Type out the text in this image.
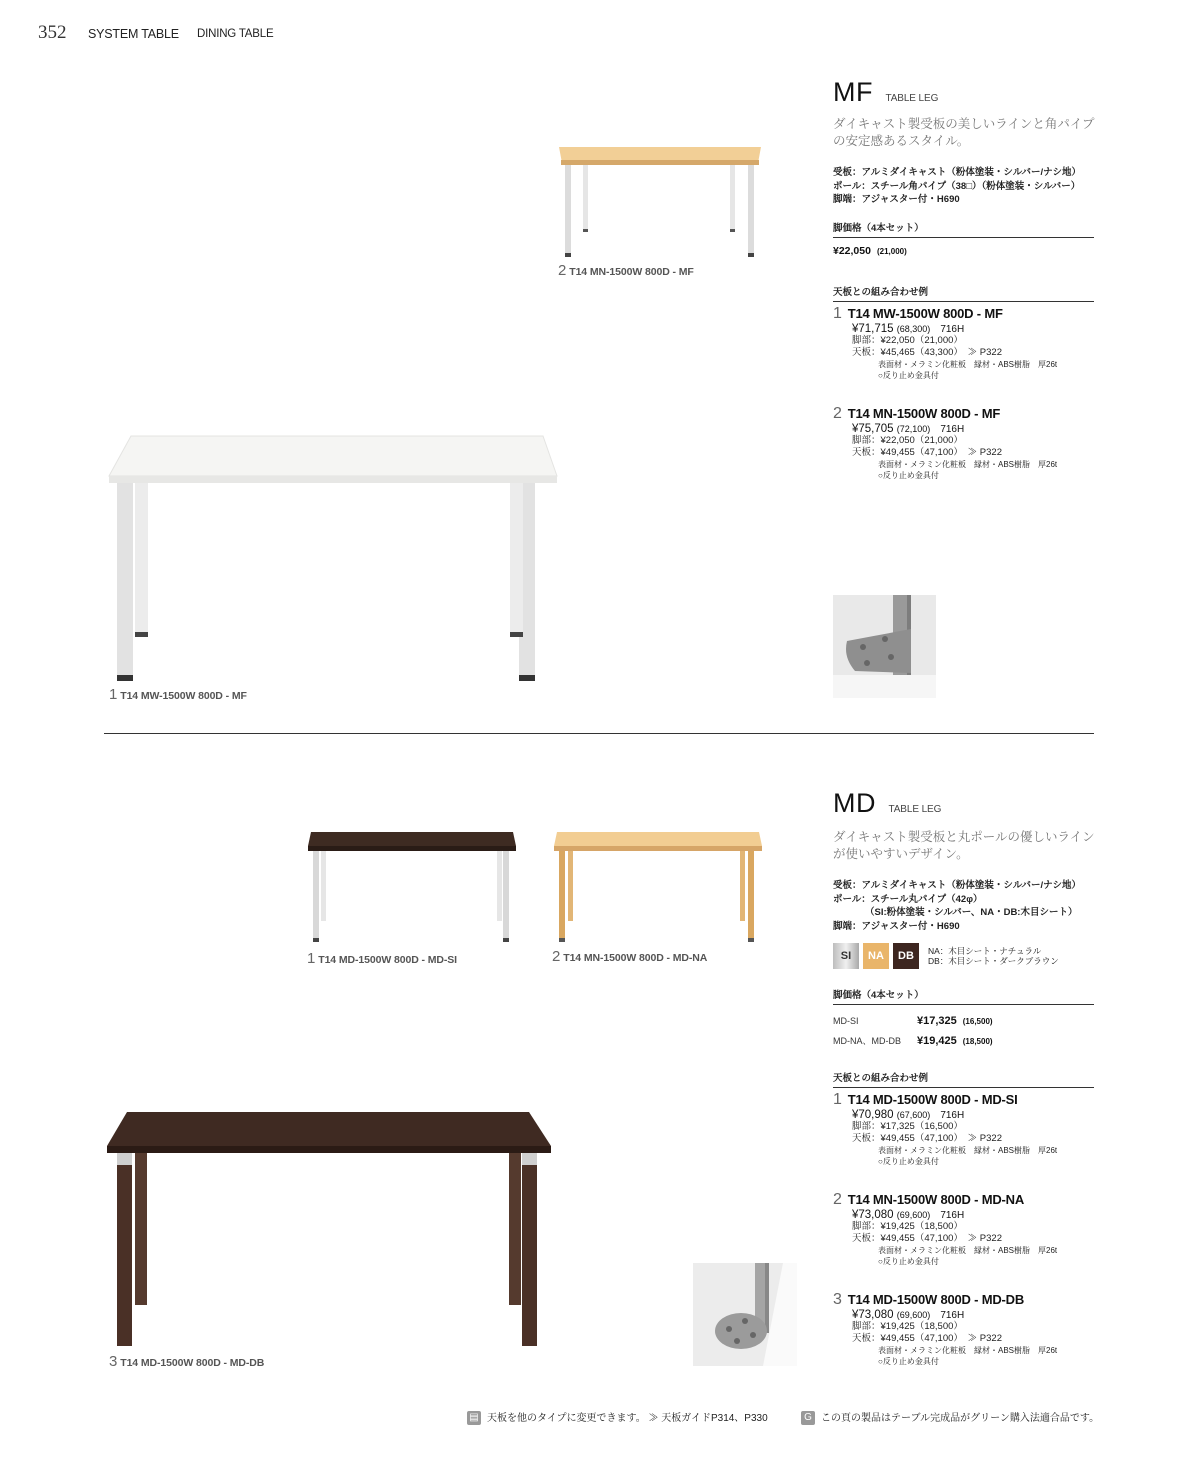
352 SYSTEM TABLE DINING TABLE
2 T14 MN-1500W 800D - MF
1 T14 MW-1500W 800D - MF
MF TABLE LEG
ダイキャスト製受板の美しいラインと角パイプの安定感あるスタイル。
受板：アルミダイキャスト（粉体塗装・シルバー/ナシ地）
ポール：スチール角パイプ（38□）（粉体塗装・シルバー）
脚端：アジャスター付・H690
脚価格（4本セット）
¥22,050 (21,000)
天板との組み合わせ例
1 T14 MW-1500W 800D - MF
¥71,715 (68,300) 716H
脚部：¥22,050（21,000）
天板：¥45,465（43,300）　≫ P322
表面材・メラミン化粧板　縁材・ABS樹脂　厚26t
○反り止め金具付
2 T14 MN-1500W 800D - MF
¥75,705 (72,100) 716H
脚部：¥22,050（21,000）
天板：¥49,455（47,100）　≫ P322
表面材・メラミン化粧板　縁材・ABS樹脂　厚26t
○反り止め金具付
1 T14 MD-1500W 800D - MD-SI	2 T14 MN-1500W 800D - MD-NA
3 T14 MD-1500W 800D - MD-DB
MD TABLE LEG
ダイキャスト製受板と丸ポールの優しいラインが使いやすいデザイン。
受板：アルミダイキャスト（粉体塗装・シルバー/ナシ地）
ポール：スチール丸パイプ（42φ）
（SI:粉体塗装・シルバー、NA・DB:木目シート）
脚端：アジャスター付・H690
SI	NA	DB	NA：木目シート・ナチュラル
DB：木目シート・ダークブラウン
脚価格（4本セット）
MD-SI	¥17,325 (16,500)
MD-NA、MD-DB ¥19,425 (18,500)
天板との組み合わせ例
1 T14 MD-1500W 800D - MD-SI
¥70,980 (67,600) 716H
脚部：¥17,325（16,500）
天板：¥49,455（47,100）　≫ P322
表面材・メラミン化粧板　縁材・ABS樹脂　厚26t
○反り止め金具付
2 T14 MN-1500W 800D - MD-NA
¥73,080 (69,600) 716H
脚部：¥19,425（18,500）
天板：¥49,455（47,100）　≫ P322
表面材・メラミン化粧板　縁材・ABS樹脂　厚26t
○反り止め金具付
3 T14 MD-1500W 800D - MD-DB
¥73,080 (69,600) 716H
脚部：¥19,425（18,500）
天板：¥49,455（47,100）　≫ P322
表面材・メラミン化粧板　縁材・ABS樹脂　厚26t
○反り止め金具付
▤ 天板を他のタイプに変更できます。 ≫ 天板ガイドP314、P330	G この頁の製品はテーブル完成品がグリーン購入法適合品です。
